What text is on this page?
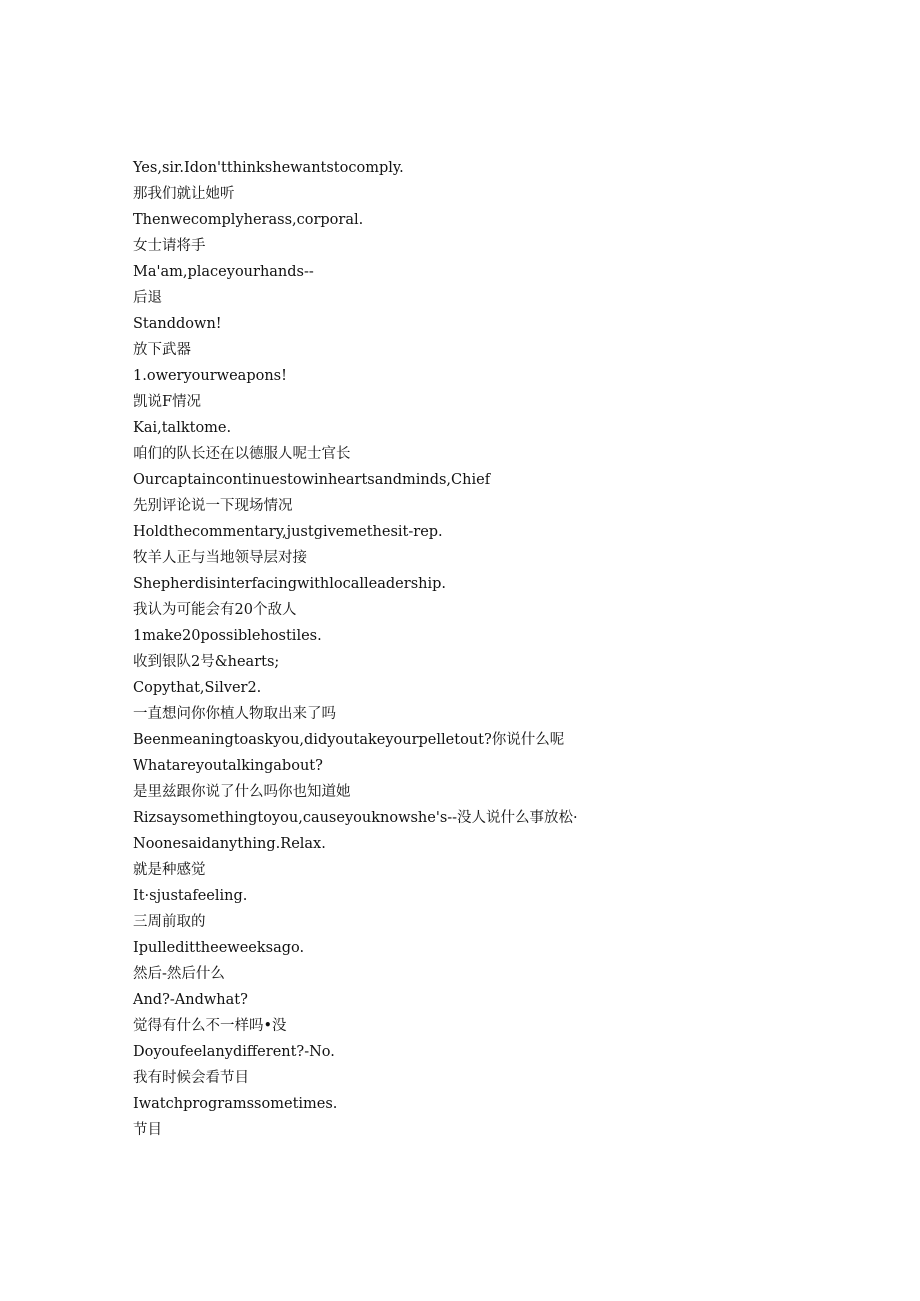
Yes,sir.Idon'tthinkshewantstocomply.
那我们就让她听
Thenwecomplyherass,corporal.
女士请将手
Ma'am,placeyourhands--
后退
Standdown!
放下武器
1.oweryourweapons!
凯说F情况
Kai,talktome.
咱们的队长还在以德服人呢士官长
Ourcaptaincontinuestowinheartsandminds,Chief
先别评论说一下现场情况
Holdthecommentary,justgivemethesit-rep.
牧羊人正与当地领导层对接
Shepherdisinterfacingwithlocalleadership.
我认为可能会有20个敌人
1make20possiblehostiles.
收到银队2号&hearts;
Copythat,Silver2.
一直想问你你植人物取出来了吗
Beenmeaningtoaskyou,didyoutakeyourpelletout?你说什么呢
Whatareyoutalkingabout?
是里兹跟你说了什么吗你也知道她
Rizsaysomethingtoyou,causeyouknowshe's--没人说什么事放松·
Noonesaidanything.Relax.
就是种感觉
It·sjustafeeling.
三周前取的
Ipulledittheeweeksago.
然后-然后什么
And?-Andwhat?
觉得有什么不一样吗•没
Doyoufeelanydifferent?-No.
我有时候会看节目
Iwatchprogramssometimes.
节目
